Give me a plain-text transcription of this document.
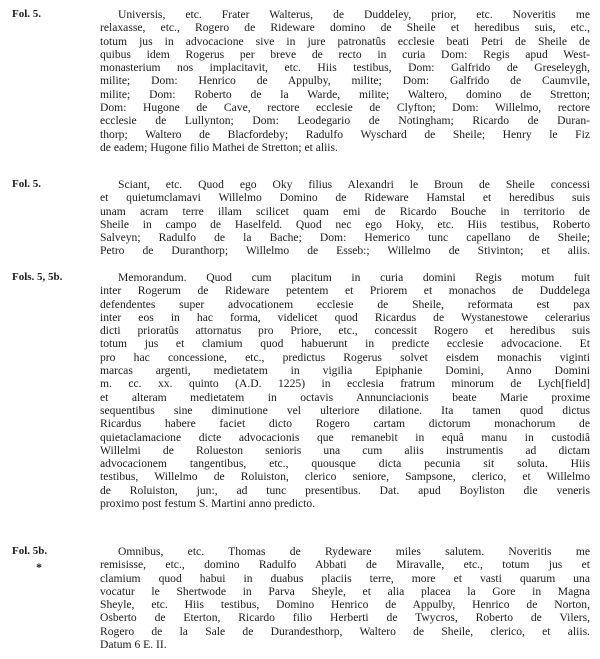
Fol. 5.	Universis, etc. Frater Walterus, de Duddeley, prior, etc. Noveritis me
relaxasse, etc., Rogero de Rideware domino de Sheile et heredibus suis, etc.,
totum jus in advocacione sive in jure patronatûs ecclesie beati Petri de Sheile de
quibus idem Rogerus per breve de recto in curia Dom: Regis apud West-
monasterium nos implacitavit, etc. Hiis testibus, Dom: Galfrido de Greseleygh,
milite; Dom: Henrico de Appulby, milite; Dom: Galfrido de Caumvile,
milite; Dom: Roberto de la Warde, milite; Waltero, domino de Stretton;
Dom: Hugone de Cave, rectore ecclesie de Clyfton; Dom: Willelmo, rectore
ecclesie de Lullynton; Dom: Leodegario de Notingham; Ricardo de Duran-
thorp; Waltero de Blacfordeby; Radulfo Wyschard de Sheile; Henry le Fiz
de eadem; Hugone filio Mathei de Stretton; et aliis.
Fol. 5.	Sciant, etc. Quod ego Oky filius Alexandri le Broun de Sheile concessi
et quietumclamavi Willelmo Domino de Rideware Hamstal et heredibus suis
unam acram terre illam scilicet quam emi de Ricardo Bouche in territorio de
Sheile in campo de Haselfeld. Quod nec ego Hoky, etc. Hiis testibus, Roberto
Salveyn; Radulfo de la Bache; Dom: Hemerico tunc capellano de Sheile;
Petro de Duranthorp; Willelmo de Esseb:; Willelmo de Stivinton; et aliis.
Fols. 5, 5b.	Memorandum. Quod cum placitum in curia domini Regis motum fuit
inter Rogerum de Rideware petentem et Priorem et monachos de Duddelega
defendentes super advocationem ecclesie de Sheile, reformata est pax
inter eos in hac forma, videlicet quod Ricardus de Wystanestowe celerarius
dicti prioratûs attornatus pro Priore, etc., concessit Rogero et heredibus suis
totum jus et clamium quod habuerunt in predicte ecclesie advocacione. Et
pro hac concessione, etc., predictus Rogerus solvet eisdem monachis viginti
marcas argenti, medietatem in vigilia Epiphanie Domini, Anno Domini
m. cc. xx. quinto (A.D. 1225) in ecclesia fratrum minorum de Lych[field]
et alteram medietatem in octavis Annunciacionis beate Marie proxime
sequentibus sine diminutione vel ulteriore dilatione. Ita tamen quod dictus
Ricardus habere faciet dicto Rogero cartam dictorum monachorum de
quietaclamacione dicte advocacionis que remanebit in equâ manu in custodiâ
Willelmi de Rolueston senioris una cum aliis instrumentis ad dictam
advocacionem tangentibus, etc., quousque dicta pecunia sit soluta. Hiis
testibus, Willelmo de Roluiston, clerico seniore, Sampsone, clerico, et Willelmo
de Roluiston, jun:, ad tunc presentibus. Dat. apud Boyliston die veneris
proximo post festum S. Martini anno predicto.
Fol. 5b.
*
Omnibus, etc. Thomas de Rydeware miles salutem. Noveritis me
remisisse, etc., domino Radulfo Abbati de Miravalle, etc., totum jus et
clamium quod habui in duabus placiis terre, more et vasti quarum una
vocatur le Shertwode in Parva Sheyle, et alia placea la Gore in Magna
Sheyle, etc. Hiis testibus, Domino Henrico de Appulby, Henrico de Norton,
Osberto de Eterton, Ricardo filio Herberti de Twycros, Roberto de Vilers,
Rogero de la Sale de Durandesthorp, Waltero de Sheile, clerico, et aliis.
Datum 6 E. II.
